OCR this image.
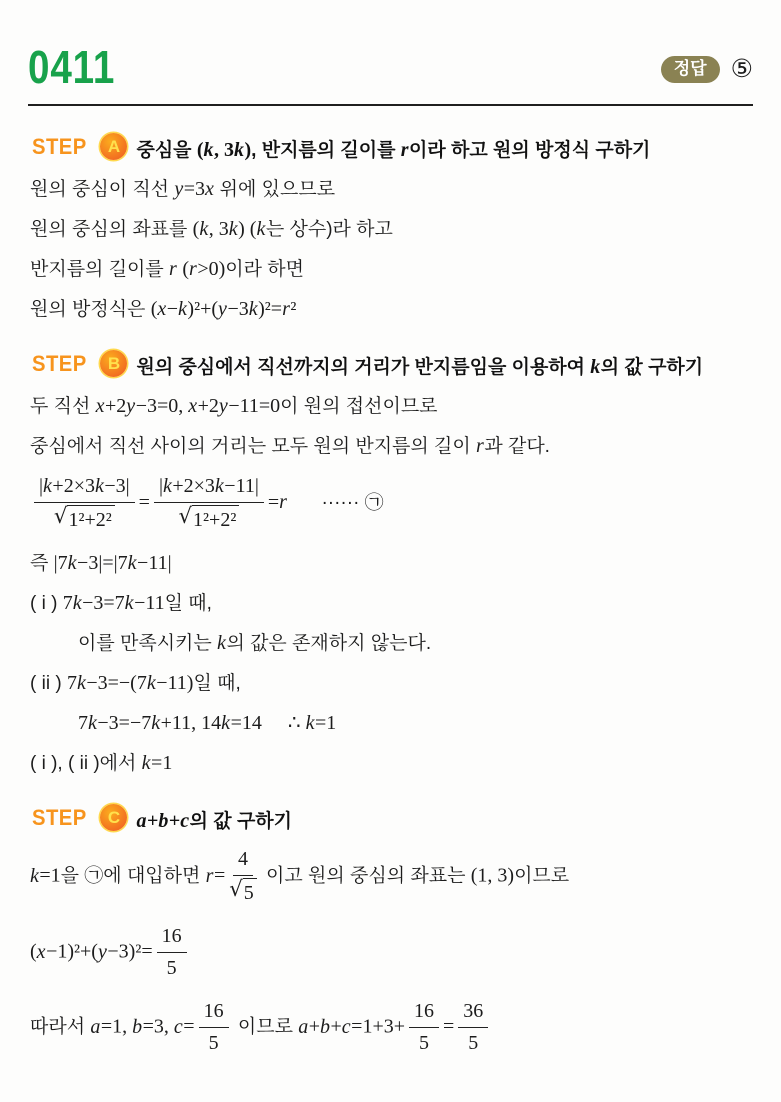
0411	정답 ⑤
STEP	A 중심을 (k, 3k), 반지름의 길이를 r이라 하고 원의 방정식 구하기
원의 중심이 직선 y=3x 위에 있으므로
원의 중심의 좌표를 (k, 3k) (k는 상수)라 하고
반지름의 길이를 r (r>0)이라 하면
원의 방정식은 (x−k)²+(y−3k)²=r²
STEP	B 원의 중심에서 직선까지의 거리가 반지름임을 이용하여 k의 값 구하기
두 직선 x+2y−3=0, x+2y−11=0이 원의 접선이므로
중심에서 직선 사이의 거리는 모두 원의 반지름의 길이 r과 같다.
$\frac{|k+2\times 3k-3|}{\text{√ 1²+2²}} = \frac{|k+2\times 3k-11|}{\text{√ 1²+2²}} =r$ ······ ㉠
즉 |7k−3|=|7k−11|
( i ) 7k−3=7k−11일 때,
이를 만족시키는 k의 값은 존재하지 않는다.
( ii ) 7k−3=−(7k−11)일 때,
7k−3=−7k+11, 14k=14 ∴ k=1
( i ), ( ii )에서 k=1
STEP	C a+b+c의 값 구하기
k=1을 ㉠에 대입하면 $r= \frac{4}{√ 5}$ 이고 원의 중심의 좌표는 (1, 3)이므로
$(x-1)^2+(y-3)^2= \frac{16}{5}$
따라서 a=1, b=3, $c= \frac{16}{5}$ 이므로 $a+b+c=1+3+ \frac{16}{5} = \frac{36}{5}$
